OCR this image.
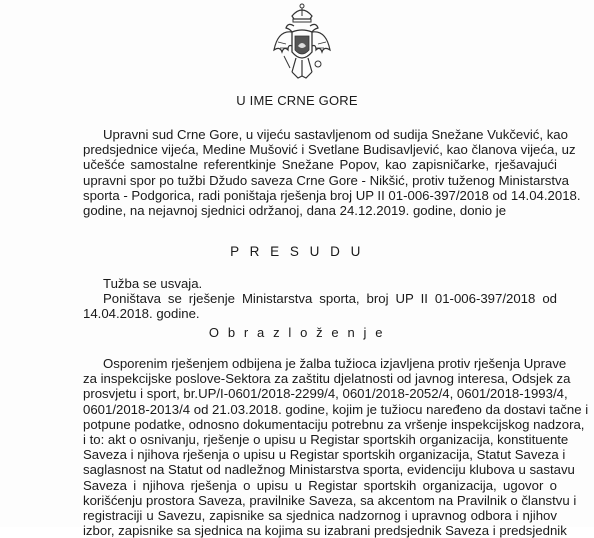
U IME CRNE GORE
Upravni sud Crne Gore, u vijeću sastavljenom od sudija Snežane Vukčević, kao
predsjednice vijeća, Medine Mušović i Svetlane Budisavljević, kao članova vijeća, uz
učešće samostalne referentkinje Snežane Popov, kao zapisničarke, rješavajući
upravni spor po tužbi Džudo saveza Crne Gore - Nikšić, protiv tuženog Ministarstva
sporta - Podgorica, radi poništaja rješenja broj UP II 01-006-397/2018 od 14.04.2018.
godine, na nejavnoj sjednici održanoj, dana 24.12.2019. godine, donio je
P R E S U D U
Tužba se usvaja.
Poništava se rješenje Ministarstva sporta, broj UP II 01-006-397/2018 od
14.04.2018. godine.
O b r a z l o ž e n j e
Osporenim rješenjem odbijena je žalba tužioca izjavljena protiv rješenja Uprave
za inspekcijske poslove-Sektora za zaštitu djelatnosti od javnog interesa, Odsjek za
prosvjetu i sport, br.UP/I-0601/2018-2299/4, 0601/2018-2052/4, 0601/2018-1993/4,
0601/2018-2013/4 od 21.03.2018. godine, kojim je tužiocu naređeno da dostavi tačne i
potpune podatke, odnosno dokumentaciju potrebnu za vršenje inspekcijskog nadzora,
i to: akt o osnivanju, rješenje o upisu u Registar sportskih organizacija, konstituente
Saveza i njihova rješenja o upisu u Registar sportskih organizacija, Statut Saveza i
saglasnost na Statut od nadležnog Ministarstva sporta, evidenciju klubova u sastavu
Saveza i njihova rješenja o upisu u Registar sportskih organizacija, ugovor o
korišćenju prostora Saveza, pravilnike Saveza, sa akcentom na Pravilnik o članstvu i
registraciji u Savezu, zapisnike sa sjednica nadzornog i upravnog odbora i njihov
izbor, zapisnike sa sjednica na kojima su izabrani predsjednik Saveza i predsjednik
